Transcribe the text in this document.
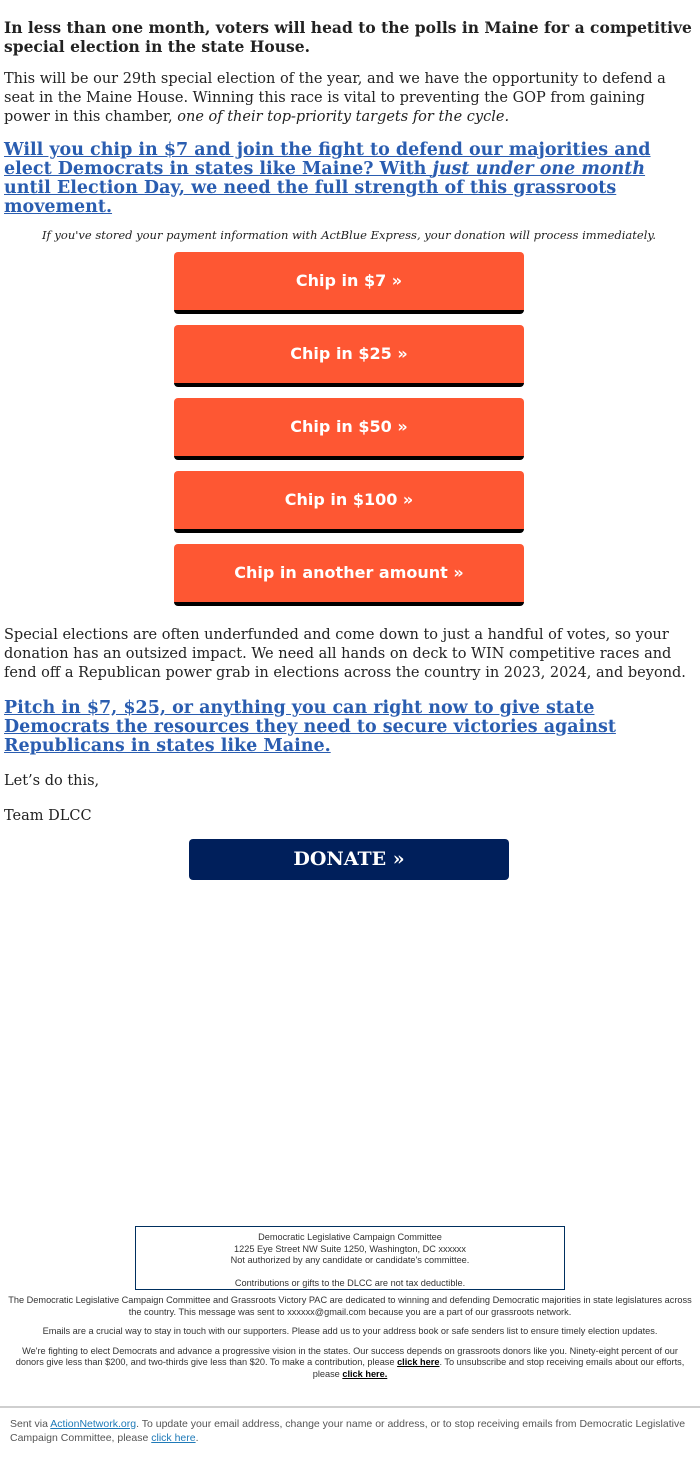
In less than one month, voters will head to the polls in Maine for a competitive special election in the state House.

This will be our 29th special election of the year, and we have the opportunity to defend a seat in the Maine House. Winning this race is vital to preventing the GOP from gaining power in this chamber, one of their top-priority targets for the cycle.

Will you chip in $7 and join the fight to defend our majorities and elect Democrats in states like Maine? With just under one month until Election Day, we need the full strength of this grassroots movement.

If you've stored your payment information with ActBlue Express, your donation will process immediately.

Chip in $7 »
Chip in $25 »
Chip in $50 »
Chip in $100 »
Chip in another amount »

Special elections are often underfunded and come down to just a handful of votes, so your donation has an outsized impact. We need all hands on deck to WIN competitive races and fend off a Republican power grab in elections across the country in 2023, 2024, and beyond.

Pitch in $7, $25, or anything you can right now to give state Democrats the resources they need to secure victories against Republicans in states like Maine.

Let’s do this,

Team DLCC

DONATE »
Democratic Legislative Campaign Committee
1225 Eye Street NW Suite 1250, Washington, DC xxxxxx
Not authorized by any candidate or candidate's committee.
Contributions or gifts to the DLCC are not tax deductible.
The Democratic Legislative Campaign Committee and Grassroots Victory PAC are dedicated to winning and defending Democratic majorities in state legislatures across the country. This message was sent to xxxxxx@gmail.com because you are a part of our grassroots network.
Emails are a crucial way to stay in touch with our supporters. Please add us to your address book or safe senders list to ensure timely election updates.
We're fighting to elect Democrats and advance a progressive vision in the states. Our success depends on grassroots donors like you. Ninety-eight percent of our donors give less than $200, and two-thirds give less than $20. To make a contribution, please click here. To unsubscribe and stop receiving emails about our efforts, please click here.
Sent via ActionNetwork.org. To update your email address, change your name or address, or to stop receiving emails from Democratic Legislative Campaign Committee, please click here.
